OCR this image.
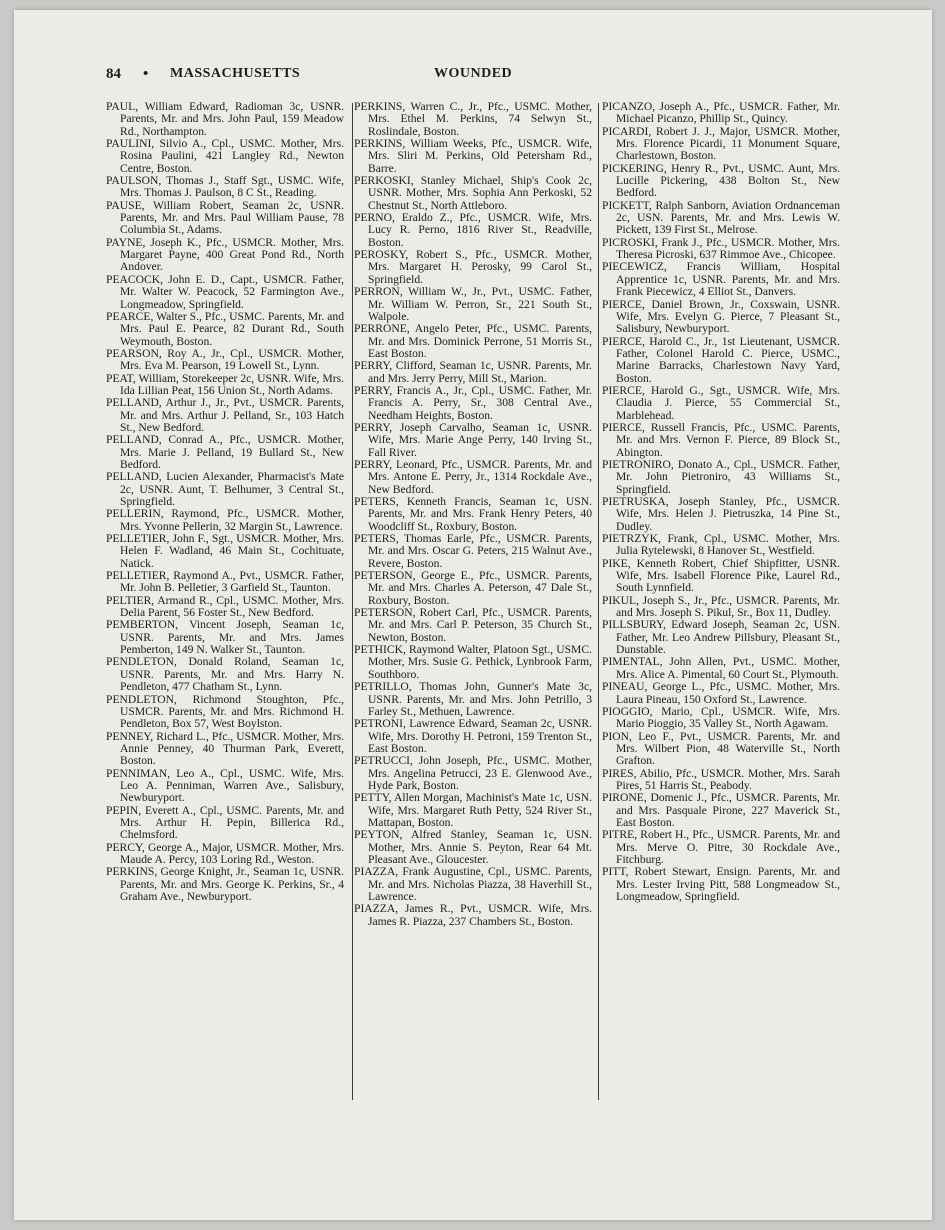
84 • MASSACHUSETTS	WOUNDED

PAUL, William Edward, Radioman 3c, USNR. Parents, Mr. and Mrs. John Paul, 159 Meadow Rd., Northampton.

PAULINI, Silvio A., Cpl., USMC. Mother, Mrs. Rosina Paulini, 421 Langley Rd., Newton Centre, Boston.

PAULSON, Thomas J., Staff Sgt., USMC. Wife, Mrs. Thomas J. Paulson, 8 C St., Reading.

PAUSE, William Robert, Seaman 2c, USNR. Parents, Mr. and Mrs. Paul William Pause, 78 Columbia St., Adams.

PAYNE, Joseph K., Pfc., USMCR. Mother, Mrs. Margaret Payne, 400 Great Pond Rd., North Andover.

PEACOCK, John E. D., Capt., USMCR. Father, Mr. Walter W. Peacock, 52 Farmington Ave., Longmeadow, Springfield.

PEARCE, Walter S., Pfc., USMC. Parents, Mr. and Mrs. Paul E. Pearce, 82 Durant Rd., South Weymouth, Boston.

PEARSON, Roy A., Jr., Cpl., USMCR. Mother, Mrs. Eva M. Pearson, 19 Lowell St., Lynn.

PEAT, William, Storekeeper 2c, USNR. Wife, Mrs. Ida Lillian Peat, 156 Union St., North Adams.

PELLAND, Arthur J., Jr., Pvt., USMCR. Parents, Mr. and Mrs. Arthur J. Pelland, Sr., 103 Hatch St., New Bedford.

PELLAND, Conrad A., Pfc., USMCR. Mother, Mrs. Marie J. Pelland, 19 Bullard St., New Bedford.

PELLAND, Lucien Alexander, Pharmacist's Mate 2c, USNR. Aunt, T. Belhumer, 3 Central St., Springfield.

PELLERIN, Raymond, Pfc., USMCR. Mother, Mrs. Yvonne Pellerin, 32 Margin St., Lawrence.

PELLETIER, John F., Sgt., USMCR. Mother, Mrs. Helen F. Wadland, 46 Main St., Cochituate, Natick.

PELLETIER, Raymond A., Pvt., USMCR. Father, Mr. John B. Pelletier, 3 Garfield St., Taunton.

PELTIER, Armand R., Cpl., USMC. Mother, Mrs. Delia Parent, 56 Foster St., New Bedford.

PEMBERTON, Vincent Joseph, Seaman 1c, USNR. Parents, Mr. and Mrs. James Pemberton, 149 N. Walker St., Taunton.

PENDLETON, Donald Roland, Seaman 1c, USNR. Parents, Mr. and Mrs. Harry N. Pendleton, 477 Chatham St., Lynn.

PENDLETON, Richmond Stoughton, Pfc., USMCR. Parents, Mr. and Mrs. Richmond H. Pendleton, Box 57, West Boylston.

PENNEY, Richard L., Pfc., USMCR. Mother, Mrs. Annie Penney, 40 Thurman Park, Everett, Boston.

PENNIMAN, Leo A., Cpl., USMC. Wife, Mrs. Leo A. Penniman, Warren Ave., Salisbury, Newburyport.

PEPIN, Everett A., Cpl., USMC. Parents, Mr. and Mrs. Arthur H. Pepin, Billerica Rd., Chelmsford.

PERCY, George A., Major, USMCR. Mother, Mrs. Maude A. Percy, 103 Loring Rd., Weston.

PERKINS, George Knight, Jr., Seaman 1c, USNR. Parents, Mr. and Mrs. George K. Perkins, Sr., 4 Graham Ave., Newburyport.

PERKINS, Warren C., Jr., Pfc., USMC. Mother, Mrs. Ethel M. Perkins, 74 Selwyn St., Roslindale, Boston.

PERKINS, William Weeks, Pfc., USMCR. Wife, Mrs. Sliri M. Perkins, Old Petersham Rd., Barre.

PERKOSKI, Stanley Michael, Ship's Cook 2c, USNR. Mother, Mrs. Sophia Ann Perkoski, 52 Chestnut St., North Attleboro.

PERNO, Eraldo Z., Pfc., USMCR. Wife, Mrs. Lucy R. Perno, 1816 River St., Readville, Boston.

PEROSKY, Robert S., Pfc., USMCR. Mother, Mrs. Margaret H. Perosky, 99 Carol St., Springfield.

PERRON, William W., Jr., Pvt., USMC. Father, Mr. William W. Perron, Sr., 221 South St., Walpole.

PERRONE, Angelo Peter, Pfc., USMC. Parents, Mr. and Mrs. Dominick Perrone, 51 Morris St., East Boston.

PERRY, Clifford, Seaman 1c, USNR. Parents, Mr. and Mrs. Jerry Perry, Mill St., Marion.

PERRY, Francis A., Jr., Cpl., USMC. Father, Mr. Francis A. Perry, Sr., 308 Central Ave., Needham Heights, Boston.

PERRY, Joseph Carvalho, Seaman 1c, USNR. Wife, Mrs. Marie Ange Perry, 140 Irving St., Fall River.

PERRY, Leonard, Pfc., USMCR. Parents, Mr. and Mrs. Antone E. Perry, Jr., 1314 Rockdale Ave., New Bedford.

PETERS, Kenneth Francis, Seaman 1c, USN. Parents, Mr. and Mrs. Frank Henry Peters, 40 Woodcliff St., Roxbury, Boston.

PETERS, Thomas Earle, Pfc., USMCR. Parents, Mr. and Mrs. Oscar G. Peters, 215 Walnut Ave., Revere, Boston.

PETERSON, George E., Pfc., USMCR. Parents, Mr. and Mrs. Charles A. Peterson, 47 Dale St., Roxbury, Boston.

PETERSON, Robert Carl, Pfc., USMCR. Parents, Mr. and Mrs. Carl P. Peterson, 35 Church St., Newton, Boston.

PETHICK, Raymond Walter, Platoon Sgt., USMC. Mother, Mrs. Susie G. Pethick, Lynbrook Farm, Southboro.

PETRILLO, Thomas John, Gunner's Mate 3c, USNR. Parents, Mr. and Mrs. John Petrillo, 3 Farley St., Methuen, Lawrence.

PETRONI, Lawrence Edward, Seaman 2c, USNR. Wife, Mrs. Dorothy H. Petroni, 159 Trenton St., East Boston.

PETRUCCI, John Joseph, Pfc., USMC. Mother, Mrs. Angelina Petrucci, 23 E. Glenwood Ave., Hyde Park, Boston.

PETTY, Allen Morgan, Machinist's Mate 1c, USN. Wife, Mrs. Margaret Ruth Petty, 524 River St., Mattapan, Boston.

PEYTON, Alfred Stanley, Seaman 1c, USN. Mother, Mrs. Annie S. Peyton, Rear 64 Mt. Pleasant Ave., Gloucester.

PIAZZA, Frank Augustine, Cpl., USMC. Parents, Mr. and Mrs. Nicholas Piazza, 38 Haverhill St., Lawrence.

PIAZZA, James R., Pvt., USMCR. Wife, Mrs. James R. Piazza, 237 Chambers St., Boston.

PICANZO, Joseph A., Pfc., USMCR. Father, Mr. Michael Picanzo, Phillip St., Quincy.

PICARDI, Robert J. J., Major, USMCR. Mother, Mrs. Florence Picardi, 11 Monument Square, Charlestown, Boston.

PICKERING, Henry R., Pvt., USMC. Aunt, Mrs. Lucille Pickering, 438 Bolton St., New Bedford.

PICKETT, Ralph Sanborn, Aviation Ordnanceman 2c, USN. Parents, Mr. and Mrs. Lewis W. Pickett, 139 First St., Melrose.

PICROSKI, Frank J., Pfc., USMCR. Mother, Mrs. Theresa Picroski, 637 Rimmoe Ave., Chicopee.

PIECEWICZ, Francis William, Hospital Apprentice 1c, USNR. Parents, Mr. and Mrs. Frank Piecewicz, 4 Elliot St., Danvers.

PIERCE, Daniel Brown, Jr., Coxswain, USNR. Wife, Mrs. Evelyn G. Pierce, 7 Pleasant St., Salisbury, Newburyport.

PIERCE, Harold C., Jr., 1st Lieutenant, USMCR. Father, Colonel Harold C. Pierce, USMC., Marine Barracks, Charlestown Navy Yard, Boston.

PIERCE, Harold G., Sgt., USMCR. Wife, Mrs. Claudia J. Pierce, 55 Commercial St., Marblehead.

PIERCE, Russell Francis, Pfc., USMC. Parents, Mr. and Mrs. Vernon F. Pierce, 89 Block St., Abington.

PIETRONIRO, Donato A., Cpl., USMCR. Father, Mr. John Pietroniro, 43 Williams St., Springfield.

PIETRUSKA, Joseph Stanley, Pfc., USMCR. Wife, Mrs. Helen J. Pietruszka, 14 Pine St., Dudley.

PIETRZYK, Frank, Cpl., USMC. Mother, Mrs. Julia Rytelewski, 8 Hanover St., Westfield.

PIKE, Kenneth Robert, Chief Shipfitter, USNR. Wife, Mrs. Isabell Florence Pike, Laurel Rd., South Lynnfield.

PIKUL, Joseph S., Jr., Pfc., USMCR. Parents, Mr. and Mrs. Joseph S. Pikul, Sr., Box 11, Dudley.

PILLSBURY, Edward Joseph, Seaman 2c, USN. Father, Mr. Leo Andrew Pillsbury, Pleasant St., Dunstable.

PIMENTAL, John Allen, Pvt., USMC. Mother, Mrs. Alice A. Pimental, 60 Court St., Plymouth.

PINEAU, George L., Pfc., USMC. Mother, Mrs. Laura Pineau, 150 Oxford St., Lawrence.

PIOGGIO, Mario, Cpl., USMCR. Wife, Mrs. Mario Pioggio, 35 Valley St., North Agawam.

PION, Leo F., Pvt., USMCR. Parents, Mr. and Mrs. Wilbert Pion, 48 Waterville St., North Grafton.

PIRES, Abilio, Pfc., USMCR. Mother, Mrs. Sarah Pires, 51 Harris St., Peabody.

PIRONE, Domenic J., Pfc., USMCR. Parents, Mr. and Mrs. Pasquale Pirone, 227 Maverick St., East Boston.

PITRE, Robert H., Pfc., USMCR. Parents, Mr. and Mrs. Merve O. Pitre, 30 Rockdale Ave., Fitchburg.

PITT, Robert Stewart, Ensign. Parents, Mr. and Mrs. Lester Irving Pitt, 588 Longmeadow St., Longmeadow, Springfield.
